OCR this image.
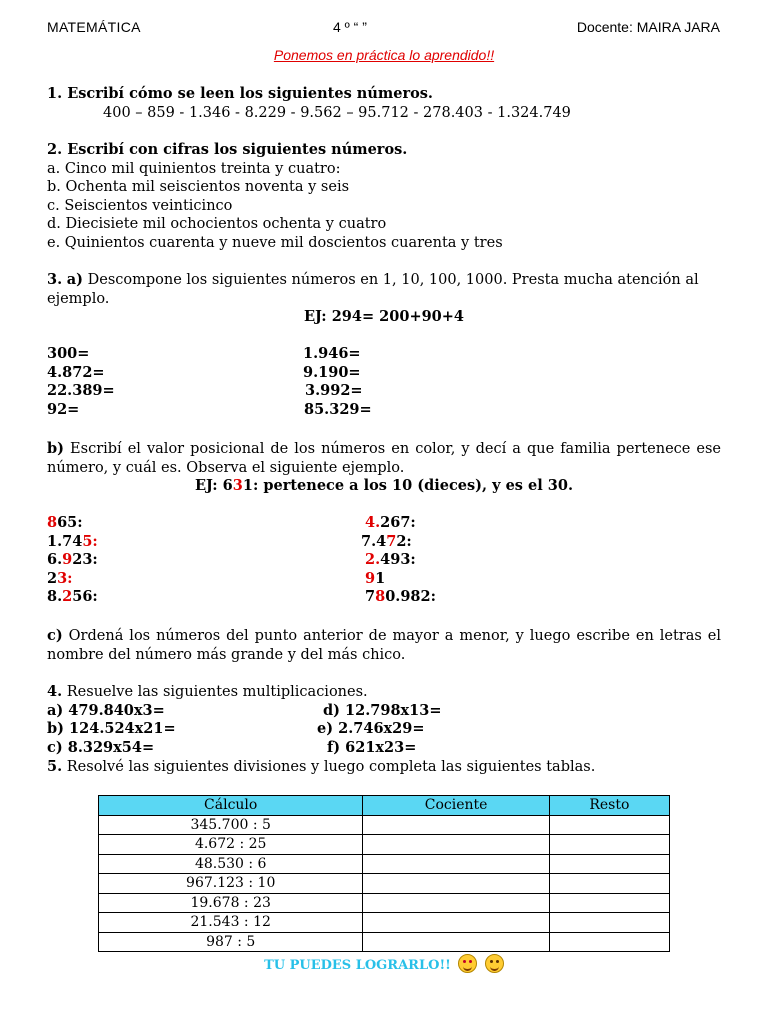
MATEMÁTICA	4 º “ ”	Docente: MAIRA JARA
Ponemos en práctica lo aprendido!!
1. Escribí cómo se leen los siguientes números.
400 – 859 - 1.346 - 8.229 - 9.562 – 95.712 - 278.403 - 1.324.749
2. Escribí con cifras los siguientes números.
a. Cinco mil quinientos treinta y cuatro:
b. Ochenta mil seiscientos noventa y seis
c. Seiscientos veinticinco
d. Diecisiete mil ochocientos ochenta y cuatro
e. Quinientos cuarenta y nueve mil doscientos cuarenta y tres
3. a) Descompone los siguientes números en 1, 10, 100, 1000. Presta mucha atención al ejemplo.
EJ: 294= 200+90+4
300=
4.872=
22.389=
92=
1.946=
9.190=
3.992=
85.329=
b) Escribí el valor posicional de los números en color, y decí a que familia pertenece ese número, y cuál es. Observa el siguiente ejemplo.
EJ: 631: pertenece a los 10 (dieces), y es el 30.
865:
1.745:
6.923:
23:
8.256:
4.267:
7.472:
2.493:
91
780.982:
c) Ordená los números del punto anterior de mayor a menor, y luego escribe en letras el nombre del número más grande y del más chico.
4. Resuelve las siguientes multiplicaciones.
a) 479.840x3=
b) 124.524x21=
c) 8.329x54=
d) 12.798x13=
e) 2.746x29=
f) 621x23=
5. Resolvé las siguientes divisiones y luego completa las siguientes tablas.
Cálculo	Cociente	Resto
345.700 : 5		
4.672 : 25		
48.530 : 6		
967.123 : 10		
19.678 : 23		
21.543 : 12		
987 : 5		
TU PUEDES LOGRARLO!!
